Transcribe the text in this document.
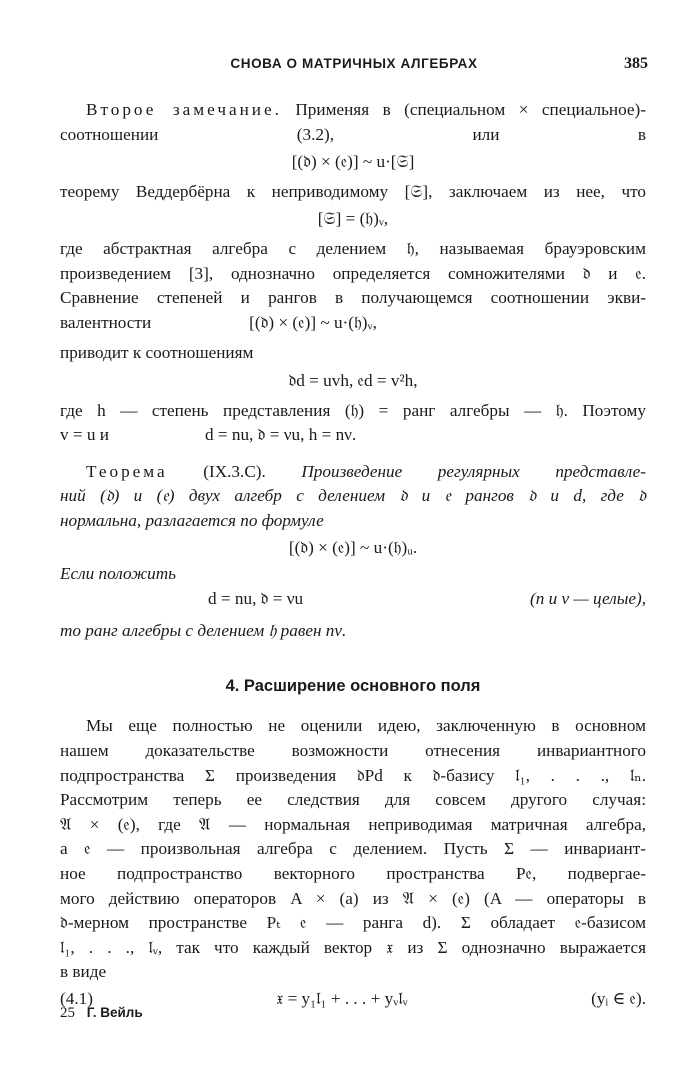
СНОВА О МАТРИЧНЫХ АЛГЕБРАХ	385

Второе замечание. Применяя в (специальном × специальное)-соотношении (3.2), или в

[(𝔡) × (𝔢)] ~ u·[𝔖]

теорему Веддербёрна к неприводимому [𝔖], заключаем из нее, что

[𝔖] = (𝔥)ᵥ,

где абстрактная алгебра с делением 𝔥, называемая брауэровским

произведением [3], однозначно определяется сомножителями 𝔡 и 𝔢.

Сравнение степеней и рангов в получающемся соотношении экви-

валентности	[(𝔡) × (𝔢)] ~ u·(𝔥)ᵥ,

приводит к соотношениям

𝔡d = uvh, 𝔢d = v²h,

где h — степень представления (𝔥) = ранг алгебры — 𝔥. Поэтому

v = u и	d = nu, 𝔡 = νu, h = nν.

Теорема (IX.3.C). Произведение регулярных представле-

ний (𝔡) и (𝔢) двух алгебр с делением 𝔡 и 𝔢 рангов 𝔡 и d, где 𝔡

нормальна, разлагается по формуле

[(𝔡) × (𝔢)] ~ u·(𝔥)ᵤ.

Если положить

d = nu, 𝔡 = νu	(n и ν — целые),

то ранг алгебры с делением 𝔥 равен nν.

4. Расширение основного поля

Мы еще полностью не оценили идею, заключенную в основном

нашем доказательстве возможности отнесения инвариантного

подпространства Σ произведения 𝔡Pd к 𝔡-базису 𝔩₁, . . ., 𝔩ₙ.

Рассмотрим теперь ее следствия для совсем другого случая:

𝔄 × (𝔢), где 𝔄 — нормальная неприводимая матричная алгебра,

а 𝔢 — произвольная алгебра с делением. Пусть Σ — инвариант-

ное подпространство векторного пространства P𝔢, подвергае-

мого действию операторов A × (a) из 𝔄 × (𝔢) (A — операторы в

𝔡-мерном пространстве Pₜ 𝔢 — ранга d). Σ обладает 𝔢-базисом

𝔩₁, . . ., 𝔩ᵥ, так что каждый вектор 𝔵 из Σ однозначно выражается

в виде

(4.1)	𝔵 = y₁𝔩₁ + . . . + yᵥ𝔩ᵥ	(yᵢ ∈ 𝔢).
25 Г. Вейль
